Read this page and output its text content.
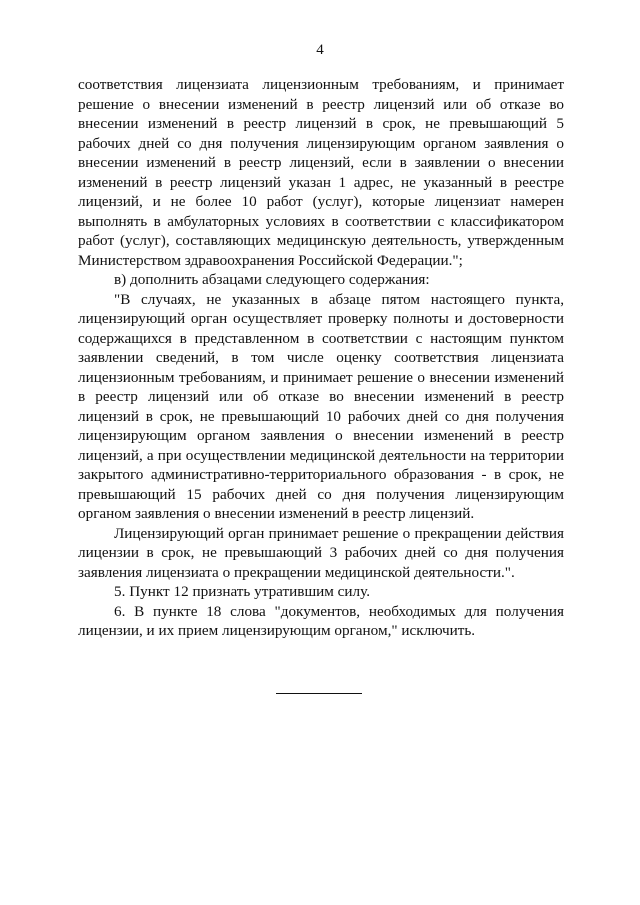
4

соответствия лицензиата лицензионным требованиям, и принимает решение о внесении изменений в реестр лицензий или об отказе во внесении изменений в реестр лицензий в срок, не превышающий 5 рабочих дней со дня получения лицензирующим органом заявления о внесении изменений в реестр лицензий, если в заявлении о внесении изменений в реестр лицензий указан 1 адрес, не указанный в реестре лицензий, и не более 10 работ (услуг), которые лицензиат намерен выполнять в амбулаторных условиях в соответствии с классификатором работ (услуг), составляющих медицинскую деятельность, утвержденным Министерством здравоохранения Российской Федерации.";

в) дополнить абзацами следующего содержания:

"В случаях, не указанных в абзаце пятом настоящего пункта, лицензирующий орган осуществляет проверку полноты и достоверности содержащихся в представленном в соответствии с настоящим пунктом заявлении сведений, в том числе оценку соответствия лицензиата лицензионным требованиям, и принимает решение о внесении изменений в реестр лицензий или об отказе во внесении изменений в реестр лицензий в срок, не превышающий 10 рабочих дней со дня получения лицензирующим органом заявления о внесении изменений в реестр лицензий, а при осуществлении медицинской деятельности на территории закрытого административно-территориального образования - в срок, не превышающий 15 рабочих дней со дня получения лицензирующим органом заявления о внесении изменений в реестр лицензий.

Лицензирующий орган принимает решение о прекращении действия лицензии в срок, не превышающий 3 рабочих дней со дня получения заявления лицензиата о прекращении медицинской деятельности.".

5. Пункт 12 признать утратившим силу.

6. В пункте 18 слова "документов, необходимых для получения лицензии, и их прием лицензирующим органом," исключить.
